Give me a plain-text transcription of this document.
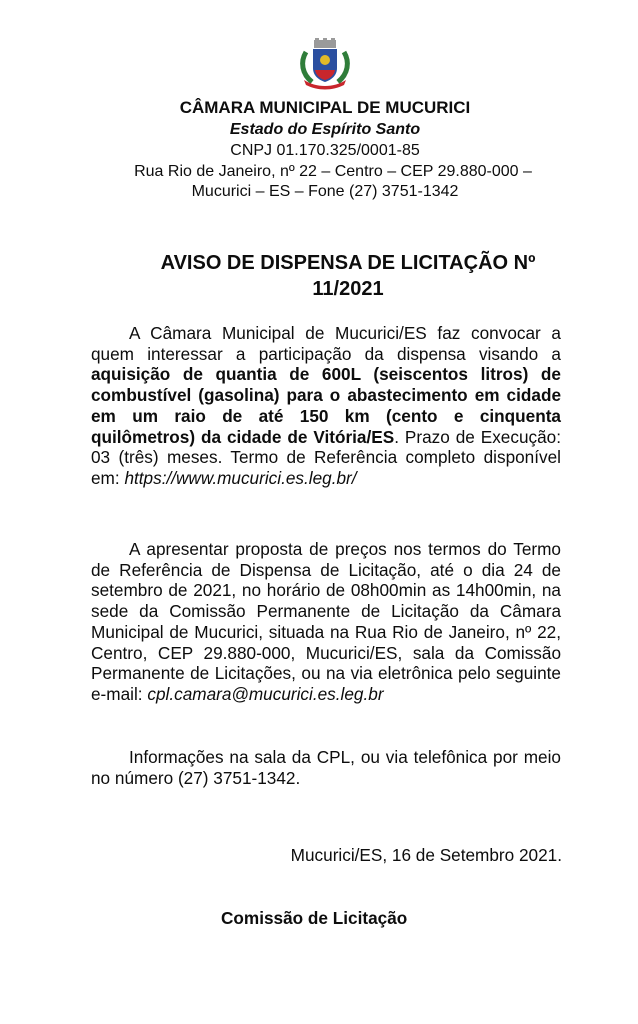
CÂMARA MUNICIPAL DE MUCURICI
Estado do Espírito Santo
CNPJ 01.170.325/0001-85
Rua Rio de Janeiro, nº 22 – Centro – CEP 29.880-000 –
Mucurici – ES – Fone (27) 3751-1342
AVISO DE DISPENSA DE LICITAÇÃO Nº
11/2021
A Câmara Municipal de Mucurici/ES faz convocar a quem interessar a participação da dispensa visando a aquisição de quantia de 600L (seiscentos litros) de combustível (gasolina) para o abastecimento em cidade em um raio de até 150 km (cento e cinquenta quilômetros) da cidade de Vitória/ES. Prazo de Execução: 03 (três) meses. Termo de Referência completo disponível em: https://www.mucurici.es.leg.br/
A apresentar proposta de preços nos termos do Termo de Referência de Dispensa de Licitação, até o dia 24 de setembro de 2021, no horário de 08h00min as 14h00min, na sede da Comissão Permanente de Licitação da Câmara Municipal de Mucurici, situada na Rua Rio de Janeiro, nº 22, Centro, CEP 29.880-000, Mucurici/ES, sala da Comissão Permanente de Licitações, ou na via eletrônica pelo seguinte e-mail: cpl.camara@mucurici.es.leg.br
Informações na sala da CPL, ou via telefônica por meio no número (27) 3751-1342.
Mucurici/ES, 16 de Setembro 2021.
Comissão de Licitação
